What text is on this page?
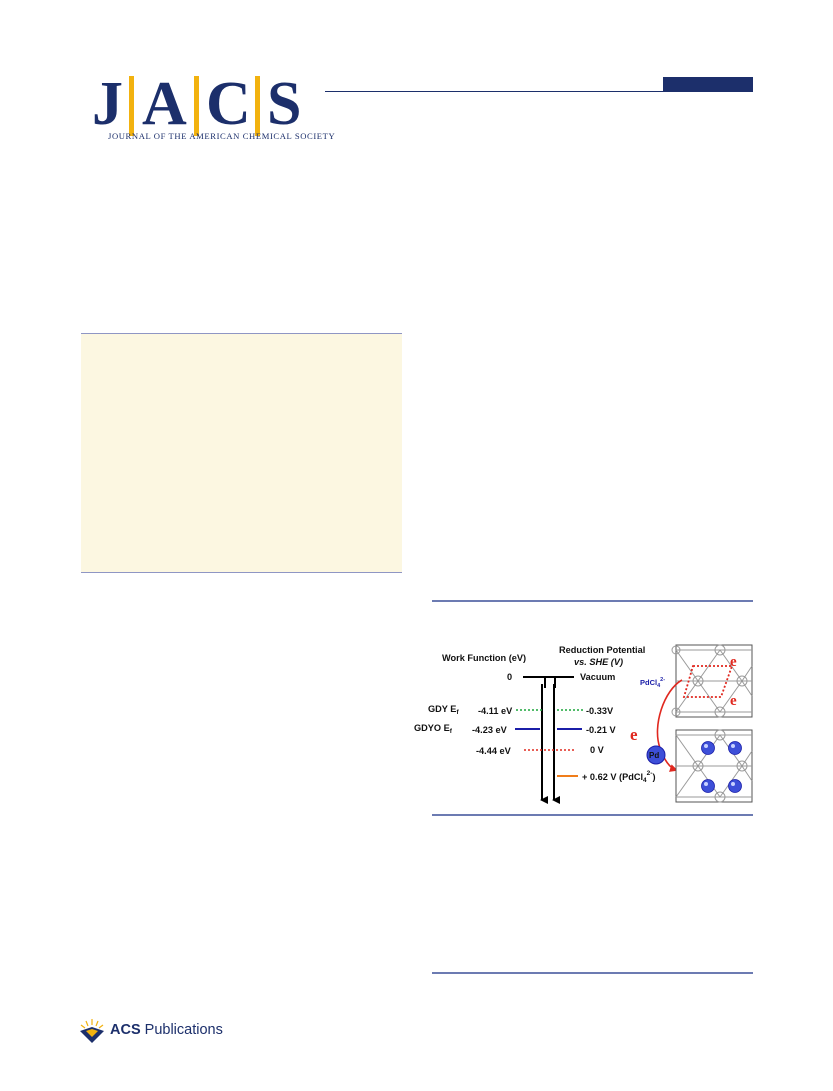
J A C S
JOURNAL OF THE AMERICAN CHEMICAL SOCIETY
Work Function (eV)
Reduction Potential
vs. SHE (V)
0	Vacuum
GDY $E_f$ -4.11 eV	-0.33V
GDYO $E_f$ -4.23 eV	-0.21 V
-4.44 eV	0 V
+ 0.62 V (PdCl$_4^{2-}$)
e
e
PdCl$_4^{2-}$
e
Pd
ACS Publications
